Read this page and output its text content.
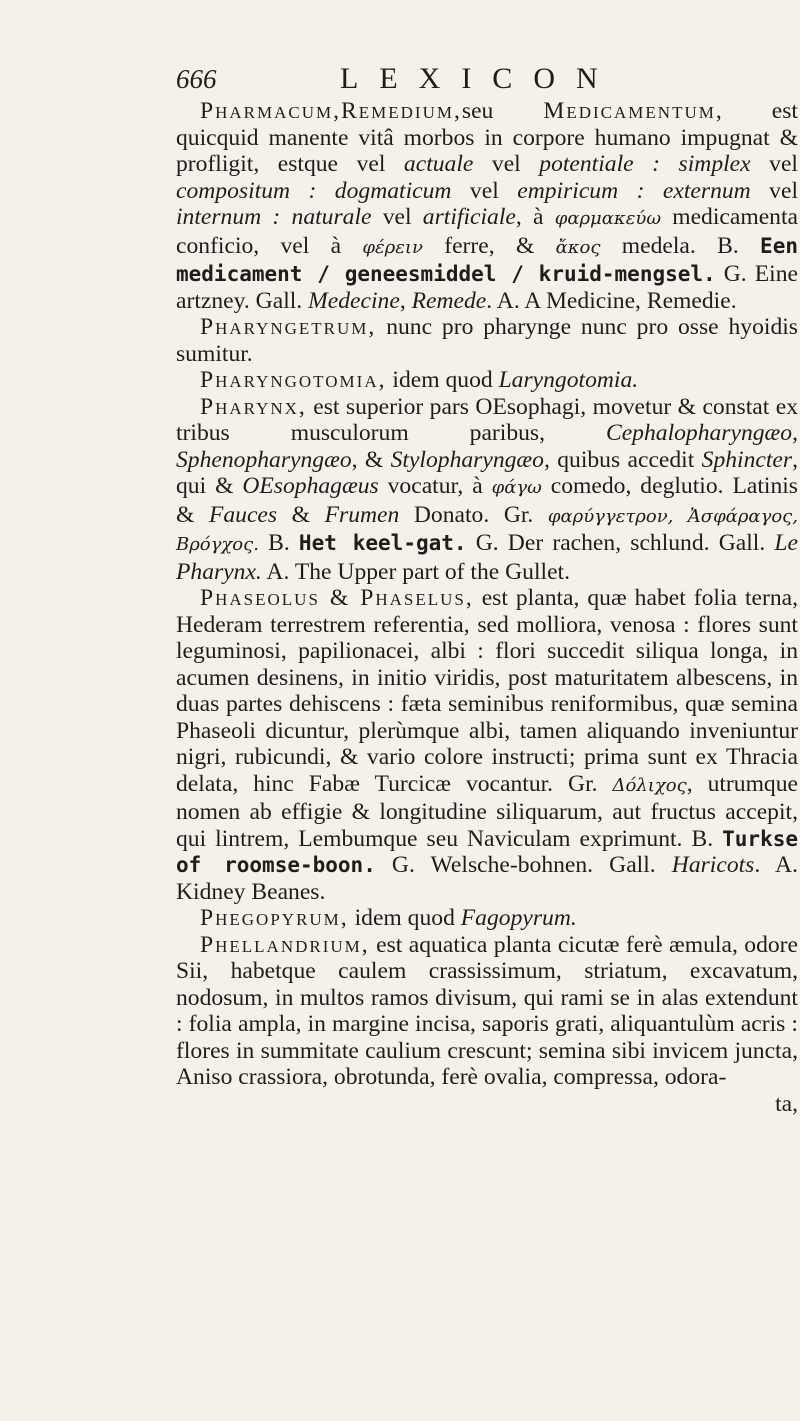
666	LEXICON

Pharmacum,Remedium,seu Medicamentum, est quicquid manente vitâ morbos in corpore humano impugnat & profligit, estque vel actuale vel potentiale : simplex vel compositum : dogmaticum vel empiricum : externum vel internum : naturale vel artificiale, à φαρμακεύω medicamenta conficio, vel à φέρειν ferre, & ἄκος medela. B. Een medicament / geneesmiddel / kruid-mengsel. G. Eine artzney. Gall. Medecine, Remede. A. A Medicine, Remedie.

Pharyngetrum, nunc pro pharynge nunc pro osse hyoidis sumitur.

Pharyngotomia, idem quod Laryngotomia.

Pharynx, est superior pars OEsophagi, movetur & constat ex tribus musculorum paribus, Cephalopharyngæo, Sphenopharyngæo, & Stylopharyngæo, quibus accedit Sphincter, qui & OEsophagæus vocatur, à φάγω comedo, deglutio. Latinis & Fauces & Frumen Donato. Gr. φαρύγγετρον, Ἀσφάραγος, Βρόγχος. B. Het keel-gat. G. Der rachen, schlund. Gall. Le Pharynx. A. The Upper part of the Gullet.

Phaseolus & Phaselus, est planta, quæ habet folia terna, Hederam terrestrem referentia, sed molliora, venosa : flores sunt leguminosi, papilionacei, albi : flori succedit siliqua longa, in acumen desinens, in initio viridis, post maturitatem albescens, in duas partes dehiscens : fæta seminibus reniformibus, quæ semina Phaseoli dicuntur, plerùmque albi, tamen aliquando inveniuntur nigri, rubicundi, & vario colore instructi; prima sunt ex Thracia delata, hinc Fabæ Turcicæ vocantur. Gr. Δόλιχος, utrumque nomen ab effigie & longitudine siliquarum, aut fructus accepit, qui lintrem, Lembumque seu Naviculam exprimunt. B. Turkse of roomse-boon. G. Welsche-bohnen. Gall. Haricots. A. Kidney Beanes.

Phegopyrum, idem quod Fagopyrum.

Phellandrium, est aquatica planta cicutæ ferè æmula, odore Sii, habetque caulem crassissimum, striatum, excavatum, nodosum, in multos ramos divisum, qui rami se in alas extendunt : folia ampla, in margine incisa, saporis grati, aliquantulùm acris : flores in summitate caulium crescunt; semina sibi invicem juncta, Aniso crassiora, obrotunda, ferè ovalia, compressa, odora-

ta,
